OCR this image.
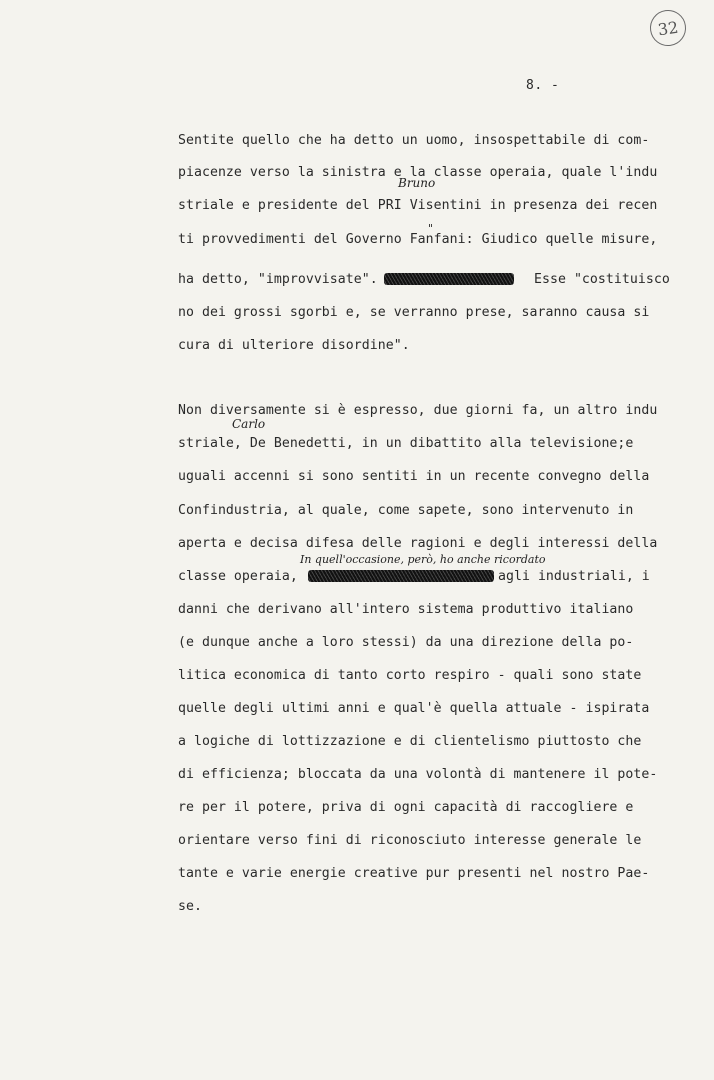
32
8. -
Sentite quello che ha detto un uomo, insospettabile di com-
piacenze verso la sinistra e la classe operaia, quale l'indu
Bruno
striale e presidente del PRI Visentini in presenza dei recen
"
ti provvedimenti del Governo Fanfani: Giudico quelle misure,
ha detto, "improvvisate".	Esse "costituisco
no dei grossi sgorbi e, se verranno prese, saranno causa si
cura di ulteriore disordine".
Non diversamente si è espresso, due giorni fa, un altro indu
Carlo
striale, De Benedetti, in un dibattito alla televisione;e
uguali accenni si sono sentiti in un recente convegno della
Confindustria, al quale, come sapete, sono intervenuto in
aperta e decisa difesa delle ragioni e degli interessi della
In quell'occasione, però, ho anche ricordato
classe operaia,	agli industriali, i
danni che derivano all'intero sistema produttivo italiano
(e dunque anche a loro stessi) da una direzione della po-
litica economica di tanto corto respiro - quali sono state
quelle degli ultimi anni e qual'è quella attuale - ispirata
a logiche di lottizzazione e di clientelismo piuttosto che
di efficienza; bloccata da una volontà di mantenere il pote-
re per il potere, priva di ogni capacità di raccogliere e
orientare verso fini di riconosciuto interesse generale le
tante e varie energie creative pur presenti nel nostro Pae-
se.
